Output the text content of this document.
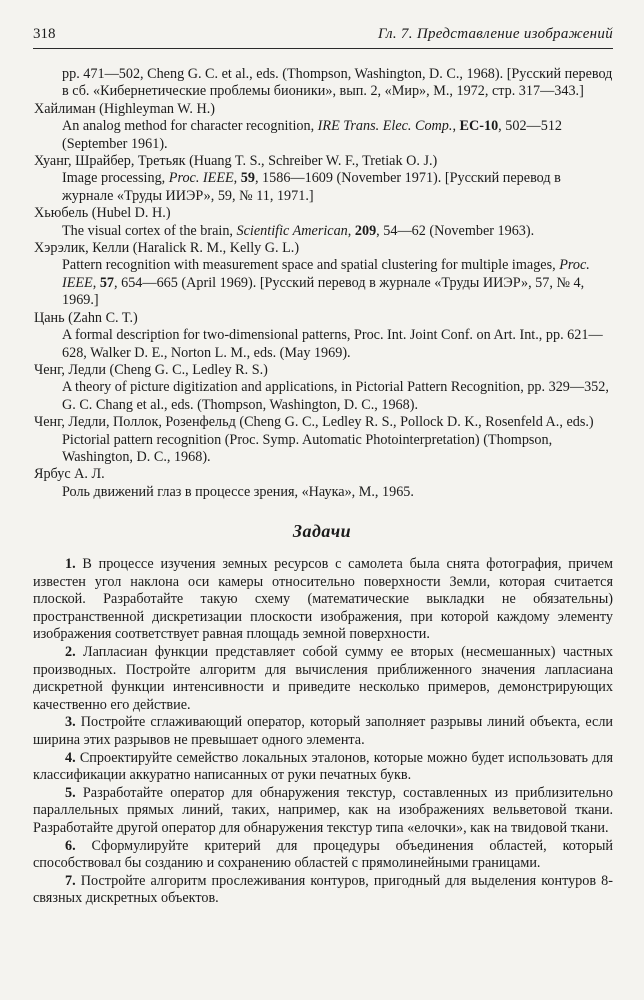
318	Гл. 7. Представление изображений

pp. 471—502, Cheng G. C. et al., eds. (Thompson, Washington, D. C., 1968). [Русский перевод в сб. «Кибернетические проблемы бионики», вып. 2, «Мир», М., 1972, стр. 317—343.]

Хайлиман (Highleyman W. H.)

An analog method for character recognition, IRE Trans. Elec. Comp., EC-10, 502—512 (September 1961).

Хуанг, Шрайбер, Третьяк (Huang T. S., Schreiber W. F., Tretiak O. J.)

Image processing, Proc. IEEE, 59, 1586—1609 (November 1971). [Русский перевод в журнале «Труды ИИЭР», 59, № 11, 1971.]

Хьюбель (Hubel D. H.)

The visual cortex of the brain, Scientific American, 209, 54—62 (November 1963).

Хэрэлик, Келли (Haralick R. M., Kelly G. L.)

Pattern recognition with measurement space and spatial clustering for multiple images, Proc. IEEE, 57, 654—665 (April 1969). [Русский перевод в журнале «Труды ИИЭР», 57, № 4, 1969.]

Цань (Zahn C. T.)

A formal description for two-dimensional patterns, Proc. Int. Joint Conf. on Art. Int., pp. 621—628, Walker D. E., Norton L. M., eds. (May 1969).

Ченг, Ледли (Cheng G. C., Ledley R. S.)

A theory of picture digitization and applications, in Pictorial Pattern Recognition, pp. 329—352, G. C. Chang et al., eds. (Thompson, Washington, D. C., 1968).

Ченг, Ледли, Поллок, Розенфельд (Cheng G. C., Ledley R. S., Pollock D. K., Rosenfeld A., eds.)

Pictorial pattern recognition (Proc. Symp. Automatic Photointerpretation) (Thompson, Washington, D. C., 1968).

Ярбус А. Л.

Роль движений глаз в процессе зрения, «Наука», М., 1965.

Задачи

1. В процессе изучения земных ресурсов с самолета была снята фотография, причем известен угол наклона оси камеры относительно поверхности Земли, которая считается плоской. Разработайте такую схему (математические выкладки не обязательны) пространственной дискретизации плоскости изображения, при которой каждому элементу изображения соответствует равная площадь земной поверхности.

2. Лапласиан функции представляет собой сумму ее вторых (несмешанных) частных производных. Постройте алгоритм для вычисления приближенного значения лапласиана дискретной функции интенсивности и приведите несколько примеров, демонстрирующих качественно его действие.

3. Постройте сглаживающий оператор, который заполняет разрывы линий объекта, если ширина этих разрывов не превышает одного элемента.

4. Спроектируйте семейство локальных эталонов, которые можно будет использовать для классификации аккуратно написанных от руки печатных букв.

5. Разработайте оператор для обнаружения текстур, составленных из приблизительно параллельных прямых линий, таких, например, как на изображениях вельветовой ткани. Разработайте другой оператор для обнаружения текстур типа «елочки», как на твидовой ткани.

6. Сформулируйте критерий для процедуры объединения областей, который способствовал бы созданию и сохранению областей с прямолинейными границами.

7. Постройте алгоритм прослеживания контуров, пригодный для выделения контуров 8-связных дискретных объектов.
